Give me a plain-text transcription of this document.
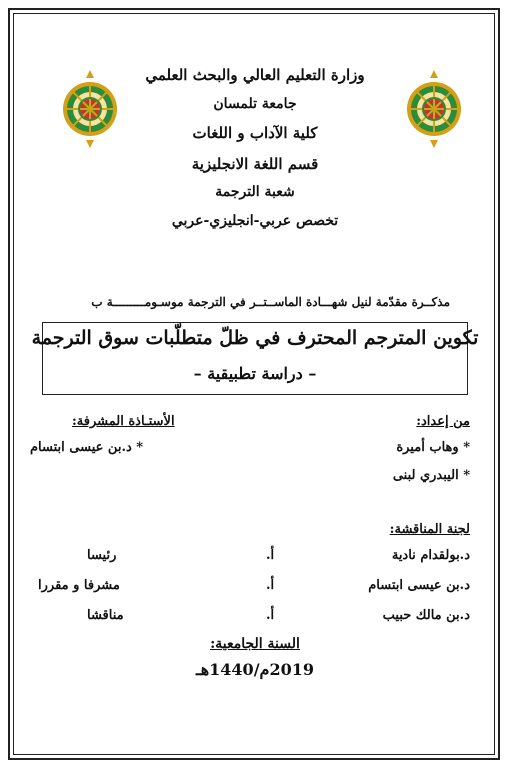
وزارة التعليم العالي والبحث العلمي
جامعة تلمسان
كلية الآداب و اللغات
قسم اللغة الانجليزية
شعبة الترجمة
تخصص عربي-انجليزي-عربي
مذكــرة مقدّمة لنيل شهـــادة الماســتــر في الترجمة موسـومـــــــــة ب
تكوين المترجم المحترف في ظلّ متطلّبات سوق الترجمة
– دراسة تطبيقية –
من إعداد:
* وهاب أميرة
* اليبدري لبنى
الأستـاذة المشرفة:
* د.بن عيسى ابتسام
لجنة المناقشة:
د.بولقدام نادية
أ.
رئيسا
د.بن عيسى ابتسام
أ.
مشرفا و مقررا
د.بن مالك حبيب
أ.
مناقشا
السنة الجامعية:
2019م/1440هـ
